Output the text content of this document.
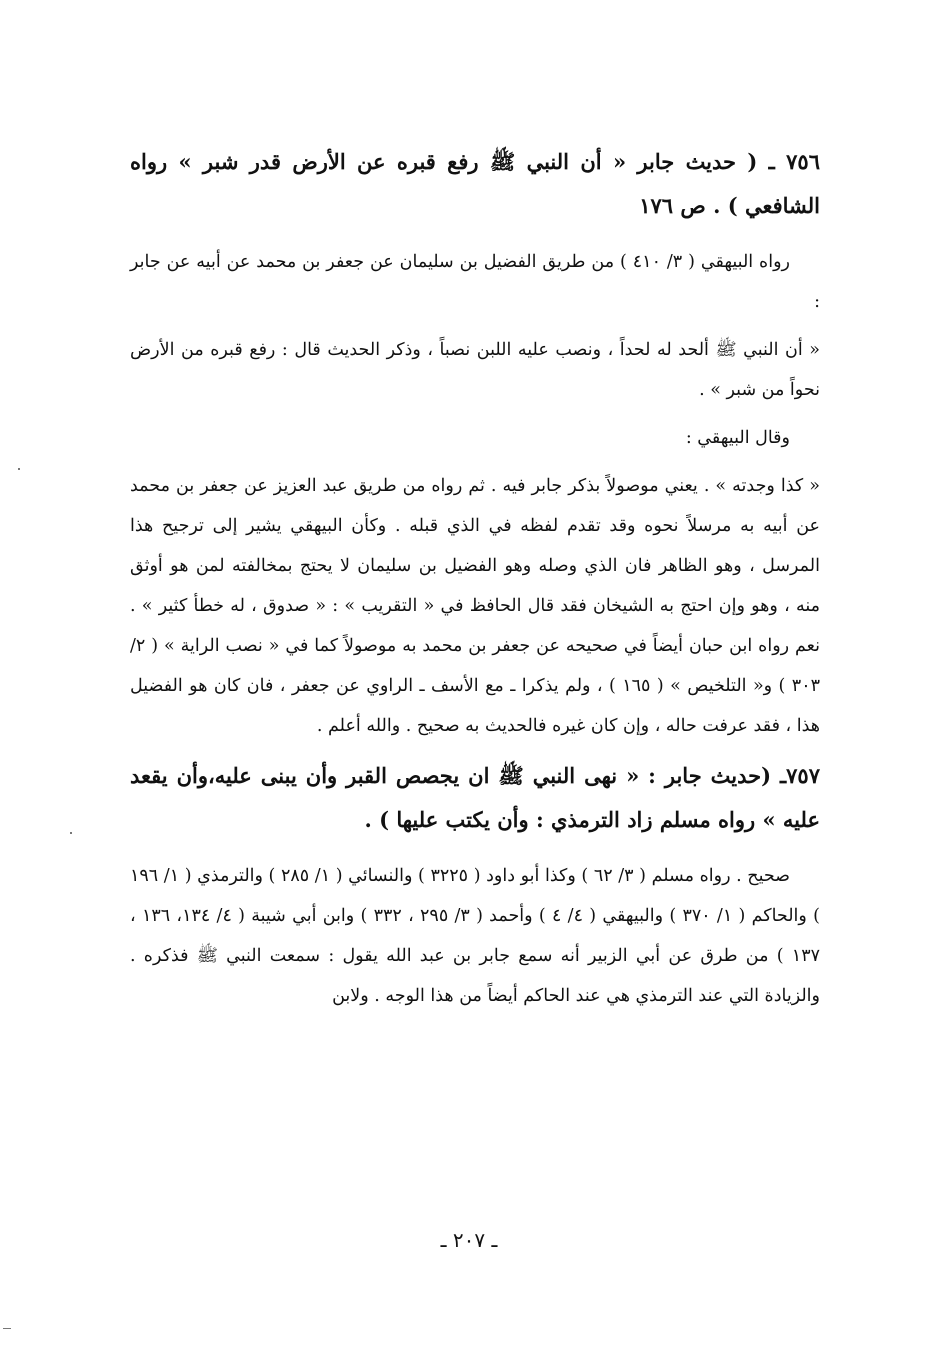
٧٥٦ ـ ( حديث جابر « أن النبي ﷺ رفع قبره عن الأرض قدر شبر » رواه الشافعي ) . ص ١٧٦
رواه البيهقي ( ٣/ ٤١٠ ) من طريق الفضيل بن سليمان عن جعفر بن محمد عن أبيه عن جابر :
« أن النبي ﷺ ألحد له لحداً ، ونصب عليه اللبن نصباً ، وذكر الحديث قال : رفع قبره من الأرض نحواً من شبر » .
وقال البيهقي :
« كذا وجدته » . يعني موصولاً بذكر جابر فيه . ثم رواه من طريق عبد العزيز عن جعفر بن محمد عن أبيه به مرسلاً نحوه وقد تقدم لفظه في الذي قبله . وكأن البيهقي يشير إلى ترجيح هذا المرسل ، وهو الظاهر فان الذي وصله وهو الفضيل بن سليمان لا يحتج بمخالفته لمن هو أوثق منه ، وهو وإن احتج به الشيخان فقد قال الحافظ في « التقريب » : « صدوق ، له خطأ كثير » . نعم رواه ابن حبان أيضاً في صحيحه عن جعفر بن محمد به موصولاً كما في « نصب الراية » ( ٢/ ٣٠٣ ) و« التلخيص » ( ١٦٥ ) ، ولم يذكرا ـ مع الأسف ـ الراوي عن جعفر ، فان كان هو الفضيل هذا ، فقد عرفت حاله ، وإن كان غيره فالحديث به صحيح . والله أعلم .
٧٥٧ـ (حديث جابر : « نهى النبي ﷺ ان يجصص القبر وأن يبنى عليه،وأن يقعد عليه » رواه مسلم زاد الترمذي : وأن يكتب عليها ) .
صحيح . رواه مسلم ( ٣/ ٦٢ ) وكذا أبو داود ( ٣٢٢٥ ) والنسائي ( ١/ ٢٨٥ ) والترمذي ( ١/ ١٩٦ ) والحاكم ( ١/ ٣٧٠ ) والبيهقي ( ٤/ ٤ ) وأحمد ( ٣/ ٢٩٥ ، ٣٣٢ ) وابن أبي شيبة ( ٤/ ١٣٤، ١٣٦ ، ١٣٧ ) من طرق عن أبي الزبير أنه سمع جابر بن عبد الله يقول : سمعت النبي ﷺ فذكره . والزيادة التي عند الترمذي هي عند الحاكم أيضاً من هذا الوجه . ولابن
ـ ٢٠٧ ـ
